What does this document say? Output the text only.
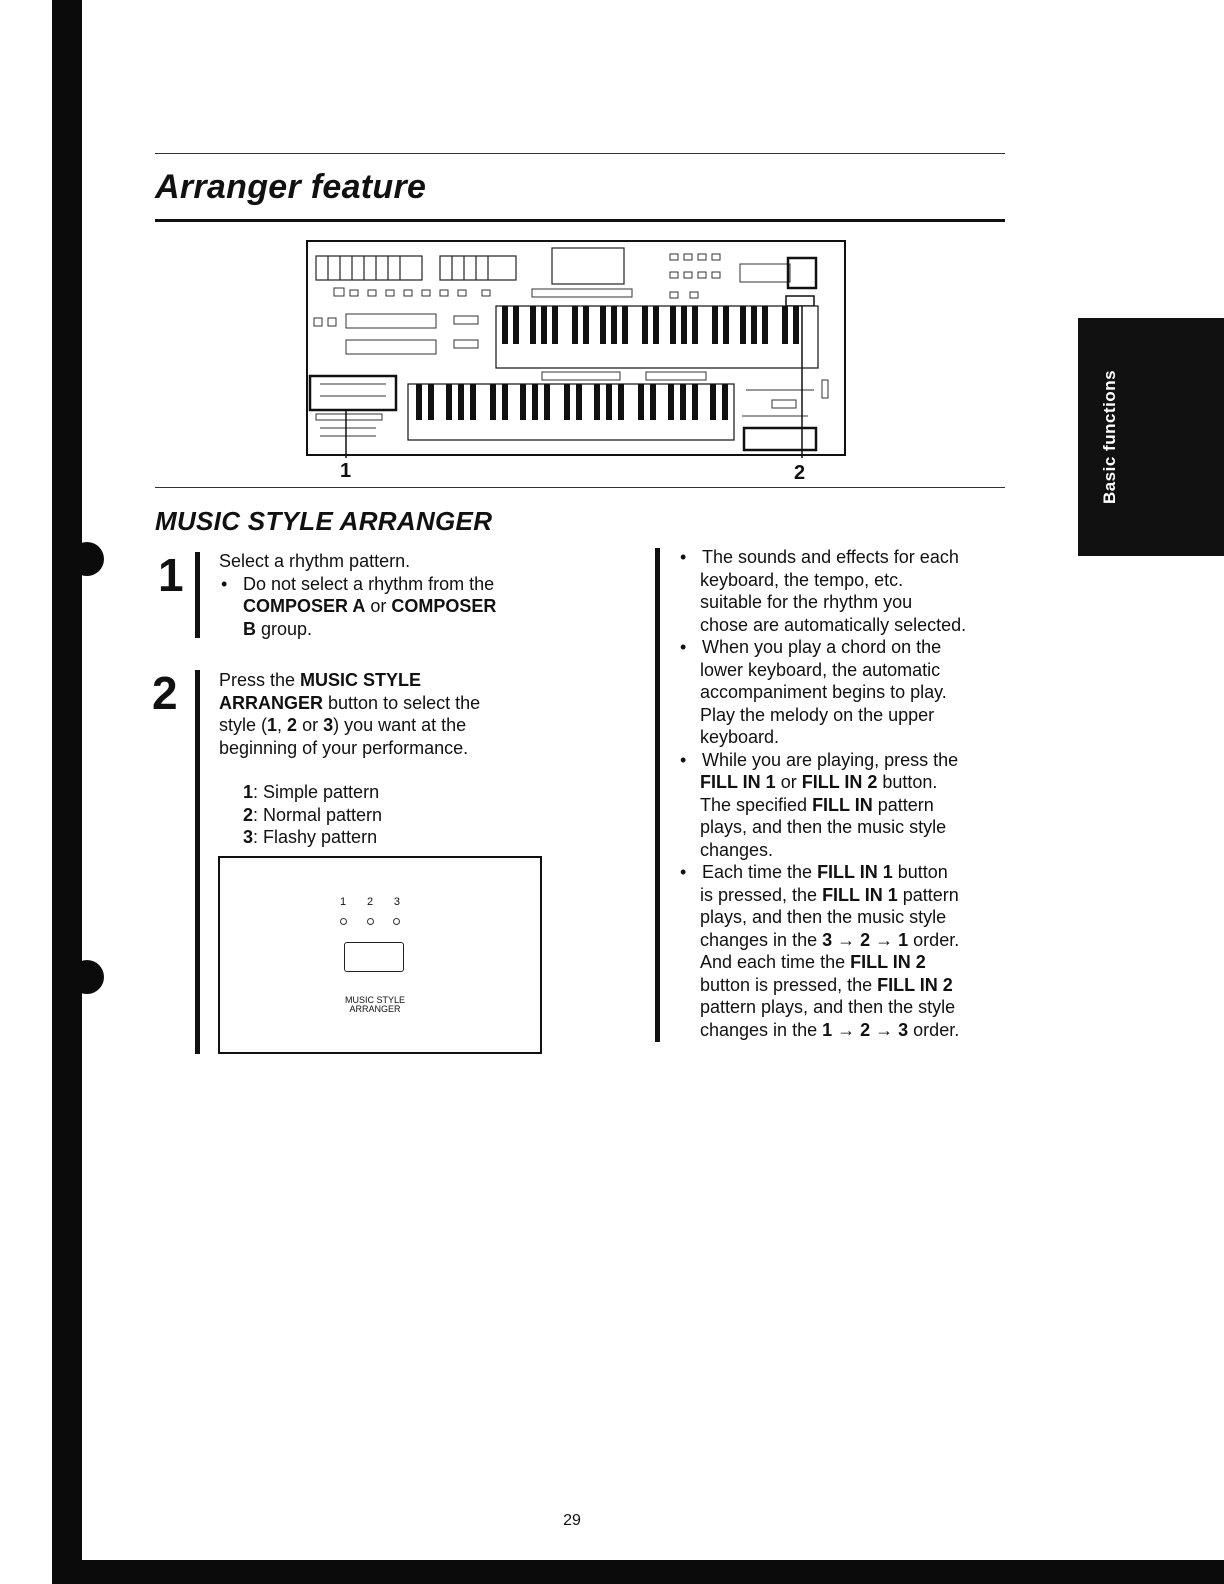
Basic functions
Arranger feature
1	2
MUSIC STYLE ARRANGER
1 Select a rhythm pattern.

• Do not select a rhythm from the

COMPOSER A or COMPOSER

B group.

2 Press the MUSIC STYLE

ARRANGER button to select the

style (1, 2 or 3) you want at the

beginning of your performance.

1: Simple pattern

2: Normal pattern

3: Flashy pattern

1 2 3
MUSIC STYLE
ARRANGER

• The sounds and effects for each

keyboard, the tempo, etc.

suitable for the rhythm you

chose are automatically selected.

• When you play a chord on the

lower keyboard, the automatic

accompaniment begins to play.

Play the melody on the upper

keyboard.

• While you are playing, press the

FILL IN 1 or FILL IN 2 button.

The specified FILL IN pattern

plays, and then the music style

changes.

• Each time the FILL IN 1 button

is pressed, the FILL IN 1 pattern

plays, and then the music style

changes in the 3 → 2 → 1 order.

And each time the FILL IN 2

button is pressed, the FILL IN 2

pattern plays, and then the style

changes in the 1 → 2 → 3 order.

29
